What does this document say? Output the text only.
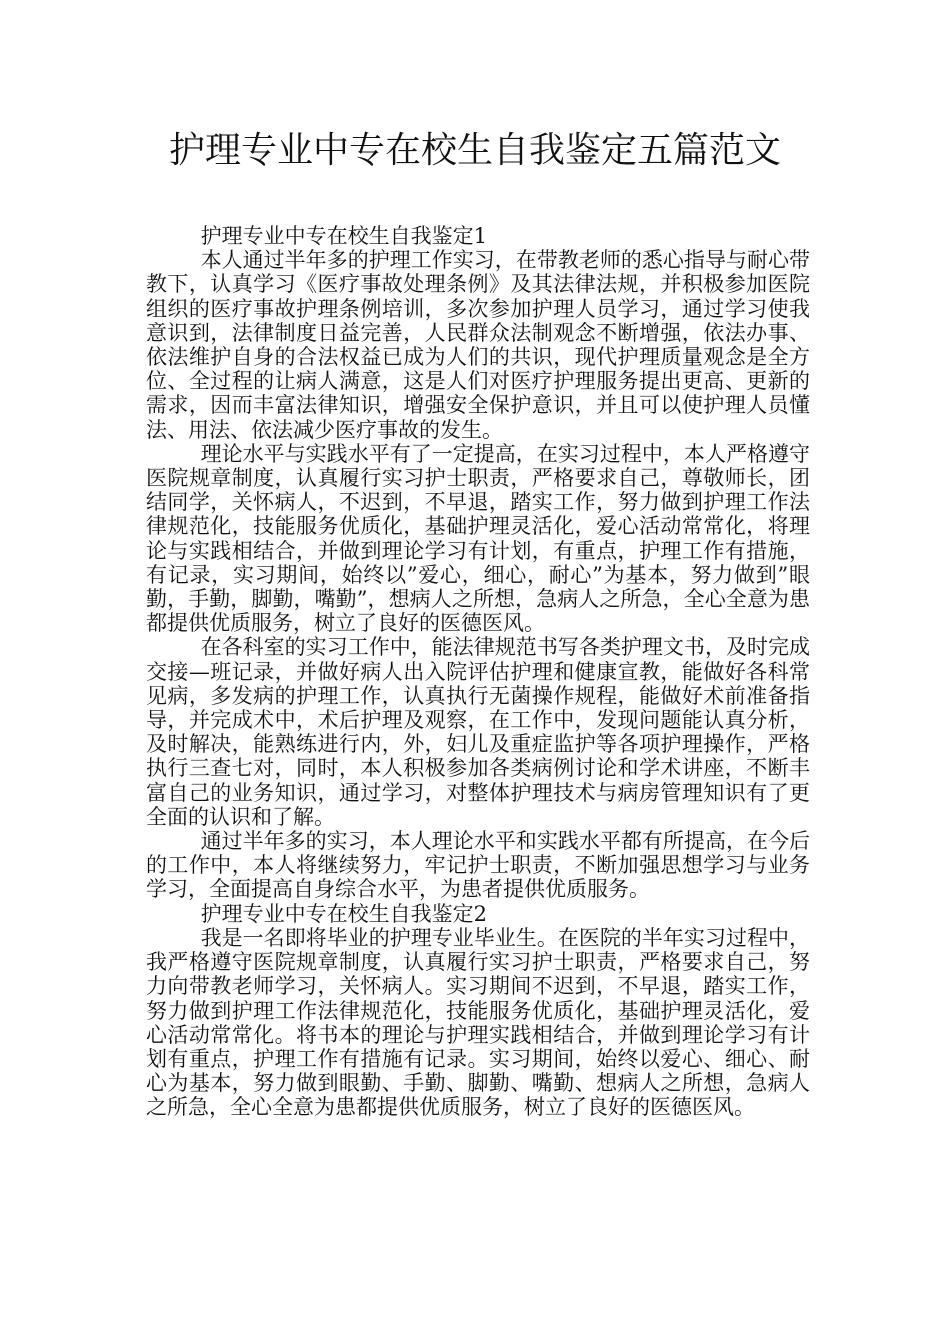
护理专业中专在校生自我鉴定五篇范文

护理专业中专在校生自我鉴定1

本人通过半年多的护理工作实习，在带教老师的悉心指导与耐心带教下，认真学习《医疗事故处理条例》及其法律法规，并积极参加医院组织的医疗事故护理条例培训，多次参加护理人员学习，通过学习使我意识到，法律制度日益完善，人民群众法制观念不断增强，依法办事、依法维护自身的合法权益已成为人们的共识，现代护理质量观念是全方位、全过程的让病人满意，这是人们对医疗护理服务提出更高、更新的需求，因而丰富法律知识，增强安全保护意识，并且可以使护理人员懂法、用法、依法减少医疗事故的发生。

理论水平与实践水平有了一定提高，在实习过程中，本人严格遵守医院规章制度，认真履行实习护士职责，严格要求自己，尊敬师长，团结同学，关怀病人，不迟到，不早退，踏实工作，努力做到护理工作法律规范化，技能服务优质化，基础护理灵活化，爱心活动常常化，将理论与实践相结合，并做到理论学习有计划，有重点，护理工作有措施，有记录，实习期间，始终以”爱心，细心，耐心”为基本，努力做到”眼勤，手勤，脚勤，嘴勤”，想病人之所想，急病人之所急，全心全意为患都提供优质服务，树立了良好的医德医风。

在各科室的实习工作中，能法律规范书写各类护理文书，及时完成交接—班记录，并做好病人出入院评估护理和健康宣教，能做好各科常见病，多发病的护理工作，认真执行无菌操作规程，能做好术前准备指导，并完成术中，术后护理及观察，在工作中，发现问题能认真分析，及时解决，能熟练进行内，外，妇儿及重症监护等各项护理操作，严格执行三查七对，同时，本人积极参加各类病例讨论和学术讲座，不断丰富自己的业务知识，通过学习，对整体护理技术与病房管理知识有了更全面的认识和了解。

通过半年多的实习，本人理论水平和实践水平都有所提高，在今后的工作中，本人将继续努力，牢记护士职责，不断加强思想学习与业务学习，全面提高自身综合水平，为患者提供优质服务。

护理专业中专在校生自我鉴定2

我是一名即将毕业的护理专业毕业生。在医院的半年实习过程中，我严格遵守医院规章制度，认真履行实习护士职责，严格要求自己，努力向带教老师学习，关怀病人。实习期间不迟到，不早退，踏实工作，努力做到护理工作法律规范化，技能服务优质化，基础护理灵活化，爱心活动常常化。将书本的理论与护理实践相结合，并做到理论学习有计划有重点，护理工作有措施有记录。实习期间，始终以爱心、细心、耐心为基本，努力做到眼勤、手勤、脚勤、嘴勤、想病人之所想，急病人之所急，全心全意为患都提供优质服务，树立了良好的医德医风。
